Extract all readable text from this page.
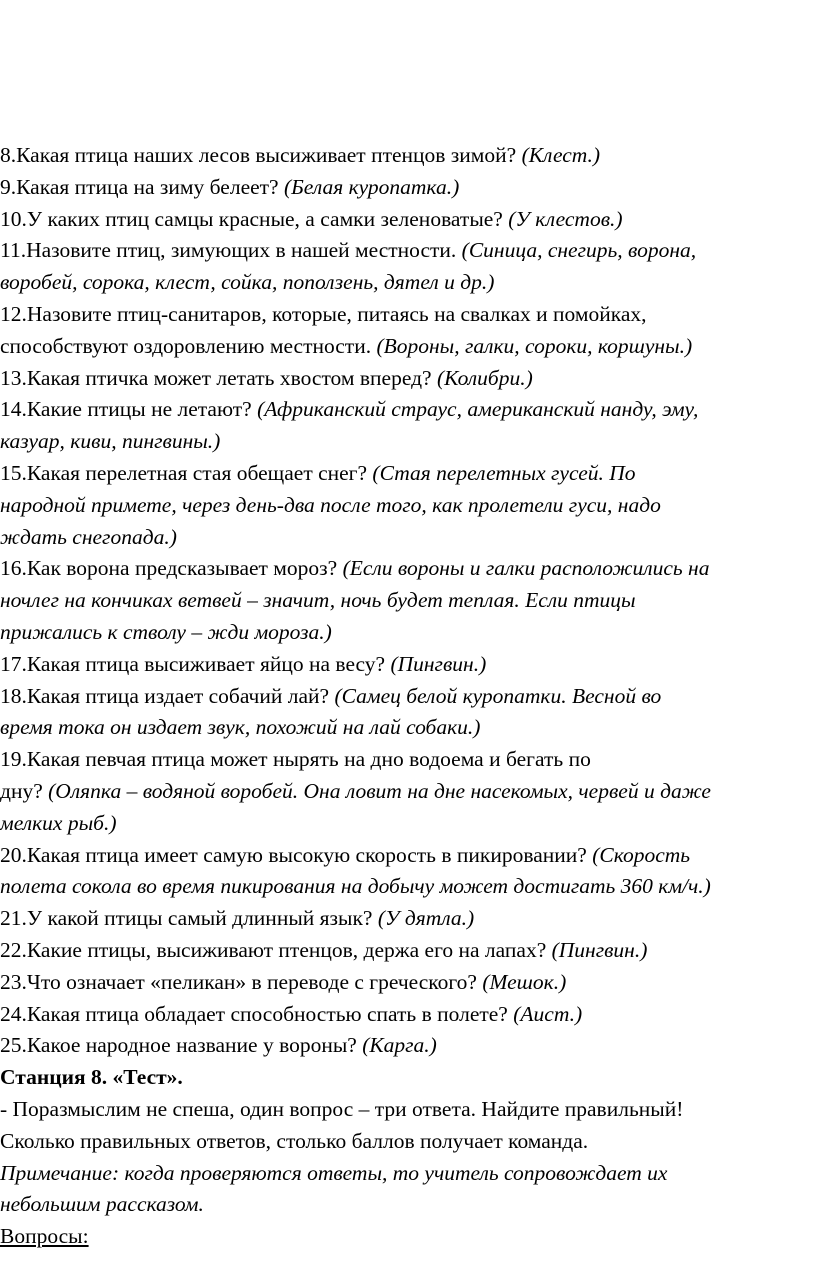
8.Какая птица наших лесов высиживает птенцов зимой? (Клест.)
9.Какая птица на зиму белеет? (Белая куропатка.)
10.У каких птиц самцы красные, а самки зеленоватые? (У клестов.)
11.Назовите птиц, зимующих в нашей местности. (Синица, снегирь, ворона,
воробей, сорока, клест, сойка, поползень, дятел и др.)
12.Назовите птиц-санитаров, которые, питаясь на свалках и помойках,
способствуют оздоровлению местности. (Вороны, галки, сороки, коршуны.)
13.Какая птичка может летать хвостом вперед? (Колибри.)
14.Какие птицы не летают? (Африканский страус, американский нанду, эму,
казуар, киви, пингвины.)
15.Какая перелетная стая обещает снег? (Стая перелетных гусей. По
народной примете, через день-два после того, как пролетели гуси, надо
ждать снегопада.)
16.Как ворона предсказывает мороз? (Если вороны и галки расположились на
ночлег на кончиках ветвей – значит, ночь будет теплая. Если птицы
прижались к стволу – жди мороза.)
17.Какая птица высиживает яйцо на весу? (Пингвин.)
18.Какая птица издает собачий лай? (Самец белой куропатки. Весной во
время тока он издает звук, похожий на лай собаки.)
19.Какая певчая птица может нырять на дно водоема и бегать по
дну? (Оляпка – водяной воробей. Она ловит на дне насекомых, червей и даже
мелких рыб.)
20.Какая птица имеет самую высокую скорость в пикировании? (Скорость
полета сокола во время пикирования на добычу может достигать 360 км/ч.)
21.У какой птицы самый длинный язык? (У дятла.)
22.Какие птицы, высиживают птенцов, держа его на лапах? (Пингвин.)
23.Что означает «пеликан» в переводе с греческого? (Мешок.)
24.Какая птица обладает способностью спать в полете? (Аист.)
25.Какое народное название у вороны? (Карга.)
Станция 8. «Тест».
- Поразмыслим не спеша, один вопрос – три ответа. Найдите правильный!
Сколько правильных ответов, столько баллов получает команда.
Примечание: когда проверяются ответы, то учитель сопровождает их
небольшим рассказом.
Вопросы:
